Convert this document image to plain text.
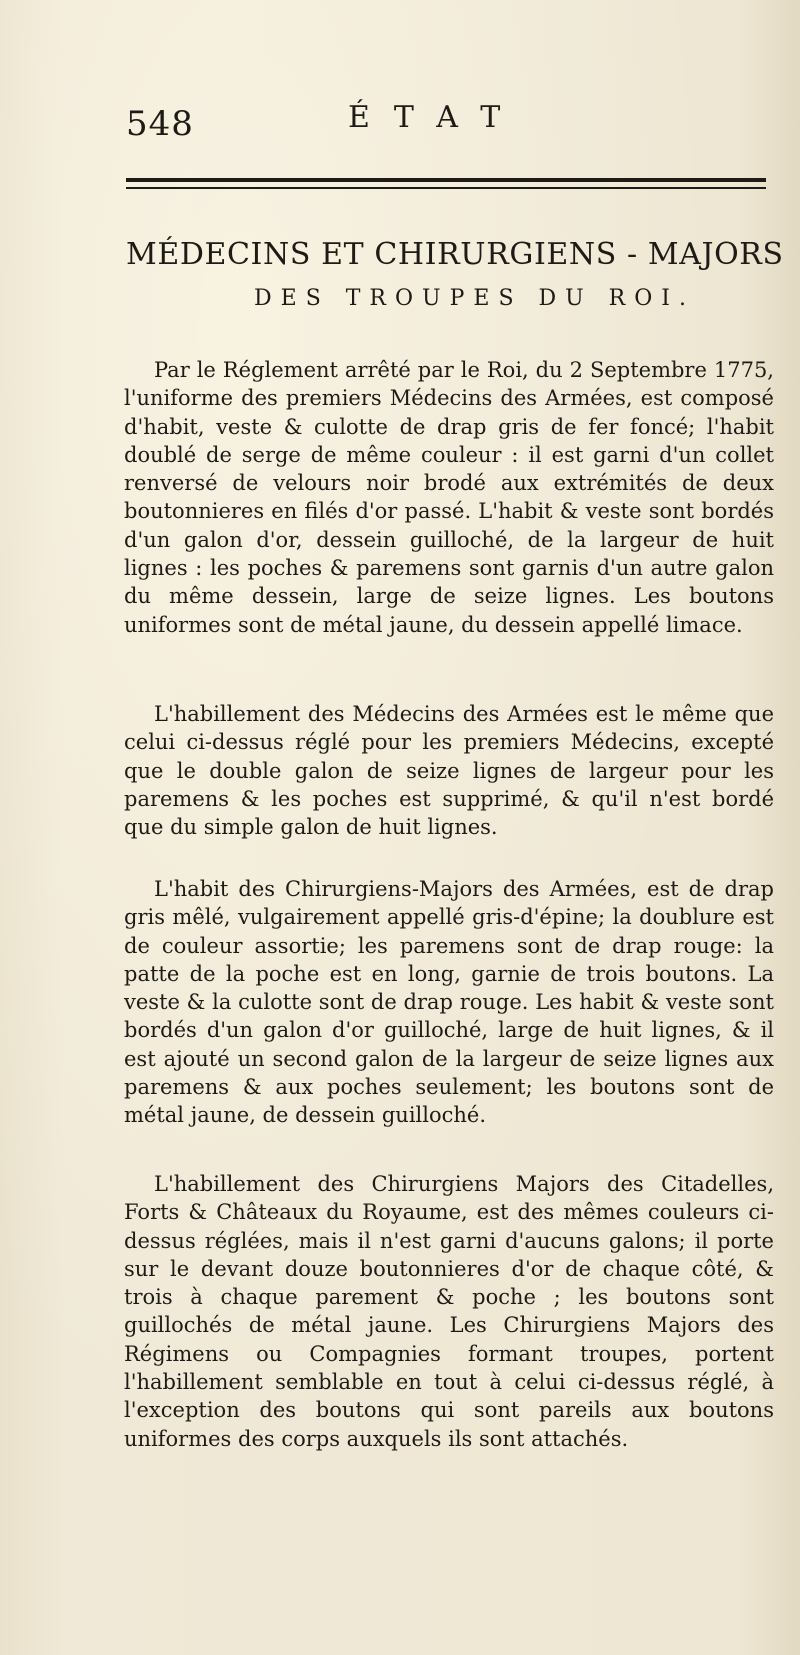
548	ÉTAT
MÉDECINS ET CHIRURGIENS - MAJORS
DES TROUPES DU ROI.

Par le Réglement arrêté par le Roi, du 2 Septembre 1775, l'uniforme des premiers Médecins des Armées, est composé d'habit, veste & culotte de drap gris de fer foncé; l'habit doublé de serge de même couleur : il est garni d'un collet renversé de velours noir brodé aux extrémités de deux boutonnieres en filés d'or passé. L'habit & veste sont bordés d'un galon d'or, dessein guilloché, de la largeur de huit lignes : les poches & paremens sont garnis d'un autre galon du même dessein, large de seize lignes. Les boutons uniformes sont de métal jaune, du dessein appellé limace.

L'habillement des Médecins des Armées est le même que celui ci-dessus réglé pour les premiers Médecins, excepté que le double galon de seize lignes de largeur pour les paremens & les poches est supprimé, & qu'il n'est bordé que du simple galon de huit lignes.

L'habit des Chirurgiens-Majors des Armées, est de drap gris mêlé, vulgairement appellé gris-d'épine; la doublure est de couleur assortie; les paremens sont de drap rouge: la patte de la poche est en long, garnie de trois boutons. La veste & la culotte sont de drap rouge. Les habit & veste sont bordés d'un galon d'or guilloché, large de huit lignes, & il est ajouté un second galon de la largeur de seize lignes aux paremens & aux poches seulement; les boutons sont de métal jaune, de dessein guilloché.

L'habillement des Chirurgiens Majors des Citadelles, Forts & Châteaux du Royaume, est des mêmes couleurs ci-dessus réglées, mais il n'est garni d'aucuns galons; il porte sur le devant douze boutonnieres d'or de chaque côté, & trois à chaque parement & poche ; les boutons sont guillochés de métal jaune. Les Chirurgiens Majors des Régimens ou Compagnies formant troupes, portent l'habillement semblable en tout à celui ci-dessus réglé, à l'exception des boutons qui sont pareils aux boutons uniformes des corps auxquels ils sont attachés.
